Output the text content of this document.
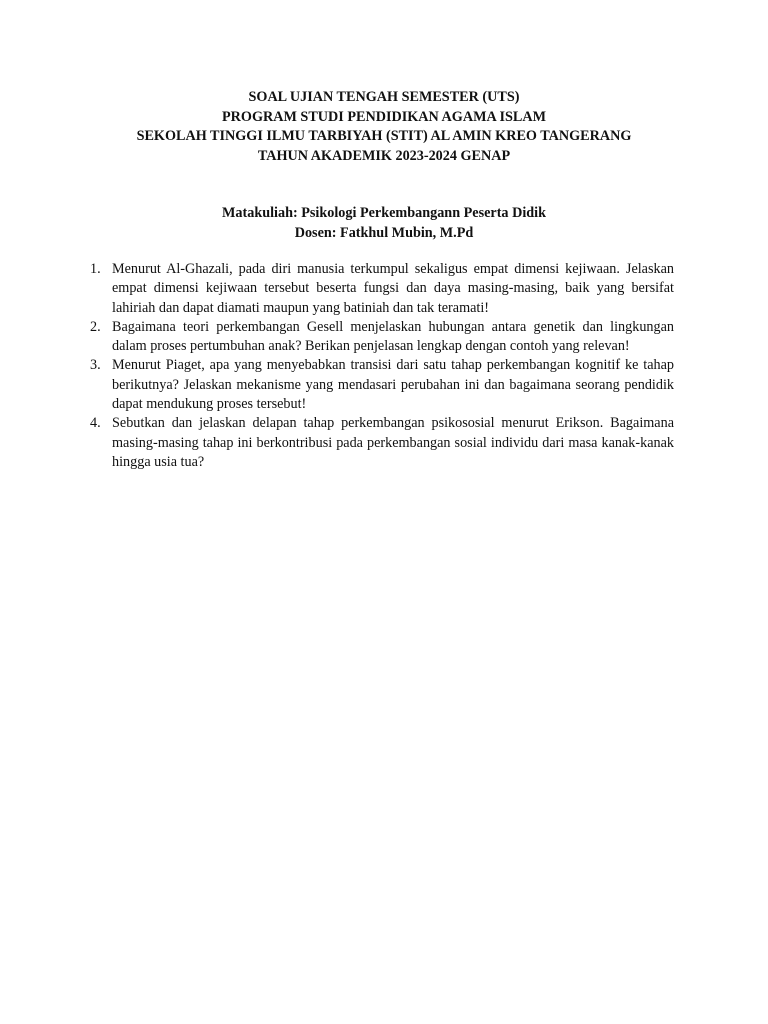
SOAL UJIAN TENGAH SEMESTER (UTS)
PROGRAM STUDI PENDIDIKAN AGAMA ISLAM
SEKOLAH TINGGI ILMU TARBIYAH (STIT) AL AMIN KREO TANGERANG
TAHUN AKADEMIK 2023-2024 GENAP
Matakuliah: Psikologi Perkembangann Peserta Didik
Dosen: Fatkhul Mubin, M.Pd
1. Menurut Al-Ghazali, pada diri manusia terkumpul sekaligus empat dimensi kejiwaan. Jelaskan empat dimensi kejiwaan tersebut beserta fungsi dan daya masing-masing, baik yang bersifat lahiriah dan dapat diamati maupun yang batiniah dan tak teramati!
2. Bagaimana teori perkembangan Gesell menjelaskan hubungan antara genetik dan lingkungan dalam proses pertumbuhan anak? Berikan penjelasan lengkap dengan contoh yang relevan!
3. Menurut Piaget, apa yang menyebabkan transisi dari satu tahap perkembangan kognitif ke tahap berikutnya? Jelaskan mekanisme yang mendasari perubahan ini dan bagaimana seorang pendidik dapat mendukung proses tersebut!
4. Sebutkan dan jelaskan delapan tahap perkembangan psikososial menurut Erikson. Bagaimana masing-masing tahap ini berkontribusi pada perkembangan sosial individu dari masa kanak-kanak hingga usia tua?
